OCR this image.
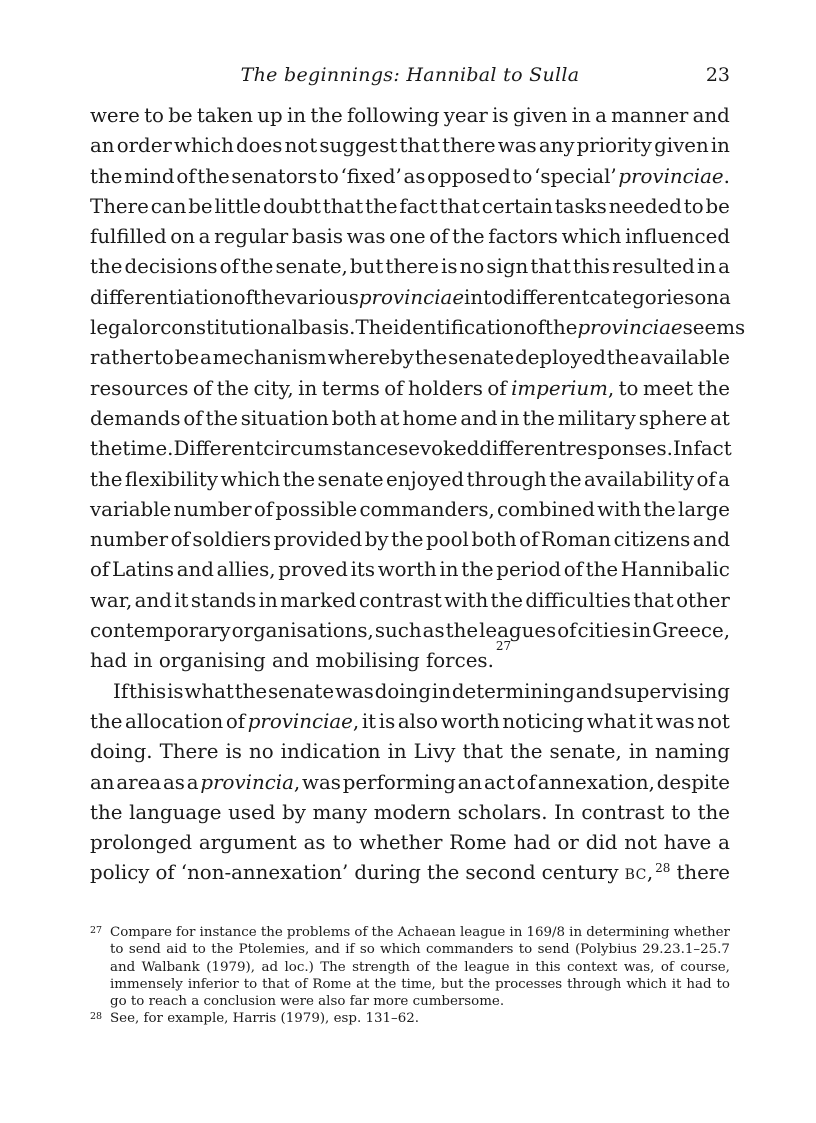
The beginnings: Hannibal to Sulla	23
were to be taken up in the following year is given in a manner and
an order which does not suggest that there was any priority given in
the mind of the senators to ‘fixed’ as opposed to ‘special’ provinciae.
There can be little doubt that the fact that certain tasks needed to be
fulfilled on a regular basis was one of the factors which influenced
the decisions of the senate, but there is no sign that this resulted in a
differentiation of the various provinciae into different categories on a
legal or constitutional basis. The identification of the provinciae seems
rather to be a mechanism whereby the senate deployed the available
resources of the city, in terms of holders of imperium, to meet the
demands of the situation both at home and in the military sphere at
the time. Different circumstances evoked different responses. In fact
the flexibility which the senate enjoyed through the availability of a
variable number of possible commanders, combined with the large
number of soldiers provided by the pool both of Roman citizens and
of Latins and allies, proved its worth in the period of the Hannibalic
war, and it stands in marked contrast with the difficulties that other
contemporary organisations, such as the leagues of cities in Greece,
had in organising and mobilising forces.
27
If this is what the senate was doing in determining and supervising
the allocation of provinciae, it is also worth noticing what it was not
doing. There is no indication in Livy that the senate, in naming
an area as a provincia, was performing an act of annexation, despite
the language used by many modern scholars. In contrast to the
prolonged argument as to whether Rome had or did not have a
policy of ‘non-annexation’ during the second century bc, $^{28}$ there
27 Compare for instance the problems of the Achaean league in 169/8 in determining whether
to send aid to the Ptolemies, and if so which commanders to send (Polybius 29.23.1–25.7
and Walbank (1979), ad loc.) The strength of the league in this context was, of course,
immensely inferior to that of Rome at the time, but the processes through which it had to
go to reach a conclusion were also far more cumbersome.
28 See, for example, Harris (1979), esp. 131–62.
